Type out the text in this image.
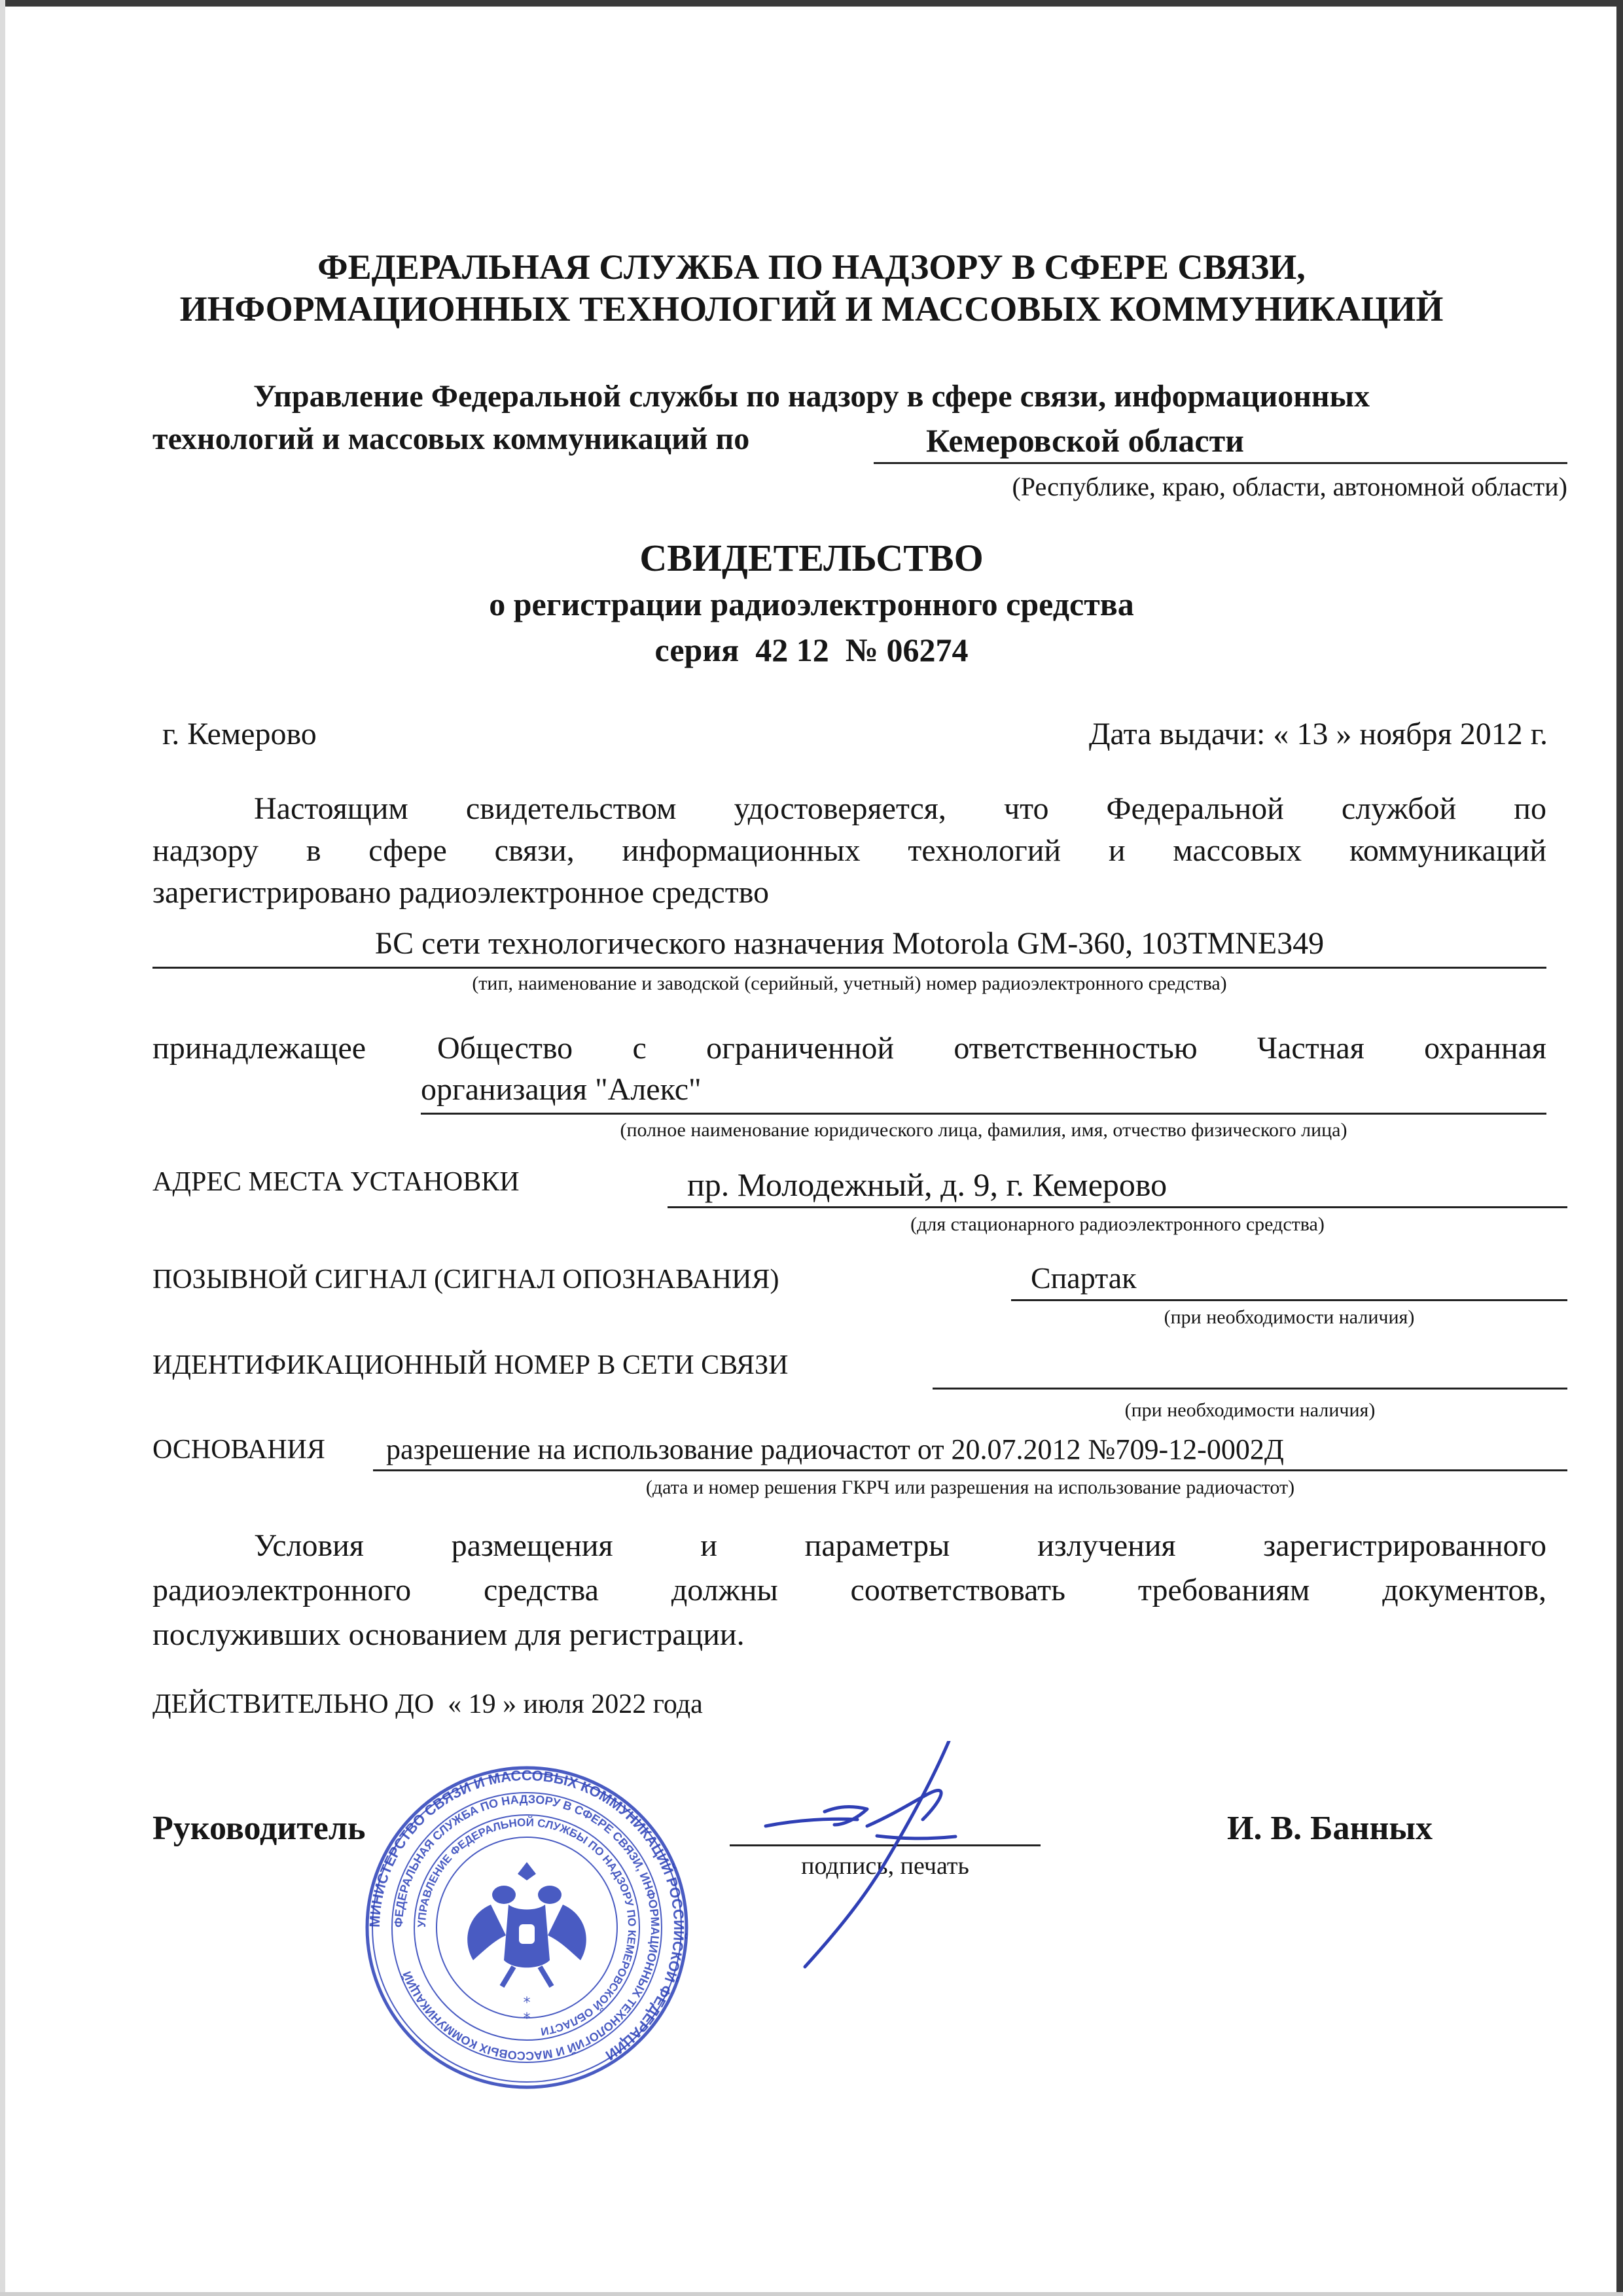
ФЕДЕРАЛЬНАЯ СЛУЖБА ПО НАДЗОРУ В СФЕРЕ СВЯЗИ,
ИНФОРМАЦИОННЫХ ТЕХНОЛОГИЙ И МАССОВЫХ КОММУНИКАЦИЙ
Управление Федеральной службы по надзору в сфере связи, информационных
технологий и массовых коммуникаций по	Кемеровской области
(Республике, краю, области, автономной области)
СВИДЕТЕЛЬСТВО
о регистрации радиоэлектронного средства
серия  42 12  № 06274
г. Кемерово	Дата выдачи: « 13 » ноября 2012 г.
Настоящим свидетельством удостоверяется, что Федеральной службой по
надзору в сфере связи, информационных технологий и массовых коммуникаций
зарегистрировано радиоэлектронное средство
БС сети технологического назначения Motorola GM-360, 103TMNE349
(тип, наименование и заводской (серийный, учетный) номер радиоэлектронного средства)
принадлежащее Общество с ограниченной ответственностью Частная охранная
организация "Алекс"
(полное наименование юридического лица, фамилия, имя, отчество физического лица)
АДРЕС МЕСТА УСТАНОВКИ	пр. Молодежный, д. 9, г. Кемерово
(для стационарного радиоэлектронного средства)
ПОЗЫВНОЙ СИГНАЛ (СИГНАЛ ОПОЗНАВАНИЯ)	Спартак
(при необходимости наличия)
ИДЕНТИФИКАЦИОННЫЙ НОМЕР В СЕТИ СВЯЗИ
(при необходимости наличия)
ОСНОВАНИЯ разрешение на использование радиочастот от 20.07.2012 №709-12-0002Д
(дата и номер решения ГКРЧ или разрешения на использование радиочастот)
Условия размещения и параметры излучения зарегистрированного
радиоэлектронного средства должны соответствовать требованиям документов,
послуживших основанием для регистрации.
ДЕЙСТВИТЕЛЬНО ДО  « 19 » июля 2022 года
Руководитель
подпись, печать
И. В. Банных
МИНИСТЕРСТВО СВЯЗИ И МАССОВЫХ КОММУНИКАЦИЙ РОССИЙСКОЙ ФЕДЕРАЦИИ
ФЕДЕРАЛЬНАЯ СЛУЖБА ПО НАДЗОРУ В СФЕРЕ СВЯЗИ, ИНФОРМАЦИОННЫХ ТЕХНОЛОГИЙ И МАССОВЫХ КОММУНИКАЦИЙ
УПРАВЛЕНИЕ ФЕДЕРАЛЬНОЙ СЛУЖБЫ ПО НАДЗОРУ ПО КЕМЕРОВСКОЙ ОБЛАСТИ
*
*
